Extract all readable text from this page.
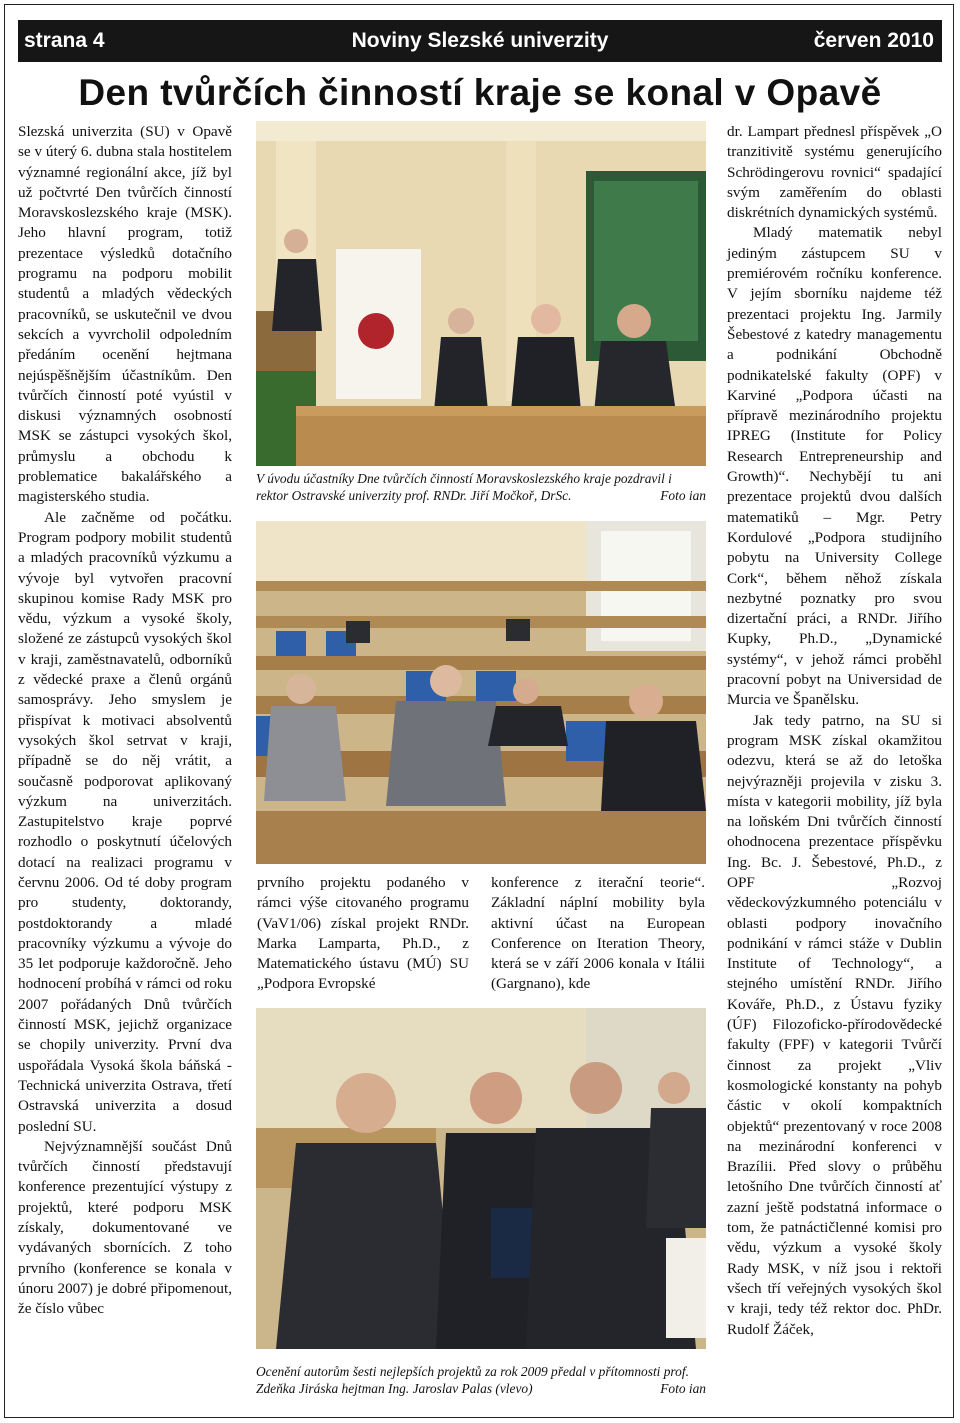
strana 4	Noviny Slezské univerzity	červen 2010
Den tvůrčích činností kraje se konal v Opavě

Slezská univerzita (SU) v Opavě se v úterý 6. dubna stala hostitelem významné regionální akce, jíž byl už počtvrté Den tvůrčích činností Moravskoslezského kraje (MSK). Jeho hlavní program, totiž prezentace výsledků dotačního programu na podporu mobilit studentů a mladých vědeckých pracovníků, se uskutečnil ve dvou sekcích a vyvrcholil odpoledním předáním ocenění hejtmana nejúspěšnějším účastníkům. Den tvůrčích činností poté vyústil v diskusi významných osobností MSK se zástupci vysokých škol, průmyslu a obchodu k problematice bakalářského a magisterského studia.

Ale začněme od počátku. Program podpory mobilit studentů a mladých pracovníků výzkumu a vývoje byl vytvořen pracovní skupinou komise Rady MSK pro vědu, výzkum a vysoké školy, složené ze zástupců vysokých škol v kraji, zaměstnavatelů, odborníků z vědecké praxe a členů orgánů samosprávy. Jeho smyslem je přispívat k motivaci absolventů vysokých škol setrvat v kraji, případně se do něj vrátit, a současně podporovat aplikovaný výzkum na univerzitách. Zastupitelstvo kraje poprvé rozhodlo o poskytnutí účelových dotací na realizaci programu v červnu 2006. Od té doby program pro studenty, doktorandy, postdoktorandy a mladé pracovníky výzkumu a vývoje do 35 let podporuje každoročně. Jeho hodnocení probíhá v rámci od roku 2007 pořádaných Dnů tvůrčích činností MSK, jejichž organizace se chopily univerzity. První dva uspořádala Vysoká škola báňská - Technická univerzita Ostrava, třetí Ostravská univerzita a dosud poslední SU.

Nejvýznamnější součást Dnů tvůrčích činností představují konference prezentující výstupy z projektů, které podporu MSK získaly, dokumentované ve vydávaných sbornících. Z toho prvního (konference se konala v únoru 2007) je dobré připomenout, že číslo vůbec

V úvodu účastníky Dne tvůrčích činností Moravskoslezského kraje pozdravil i rektor Ostravské univerzity prof. RNDr. Jiří Močkoř, DrSc.	Foto ian

prvního projektu podaného v rámci výše citovaného programu (VaV1/06) získal projekt RNDr. Marka Lamparta, Ph.D., z Matematického ústavu (MÚ) SU „Podpora Evropské

konference z iterační teorie“. Základní náplní mobility byla aktivní účast na European Conference on Iteration Theory, která se v září 2006 konala v Itálii (Gargnano), kde

Ocenění autorům šesti nejlepších projektů za rok 2009 předal v přítomnosti prof. Zdeňka Jiráska hejtman Ing. Jaroslav Palas (vlevo)	Foto ian

dr. Lampart přednesl příspěvek „O tranzitivitě systému generujícího Schrödingerovu rovnici“ spadající svým zaměřením do oblasti diskrétních dynamických systémů.

Mladý matematik nebyl jediným zástupcem SU v premiérovém ročníku konference. V jejím sborníku najdeme též prezentaci projektu Ing. Jarmily Šebestové z katedry managementu a podnikání Obchodně podnikatelské fakulty (OPF) v Karviné „Podpora účasti na přípravě mezinárodního projektu IPREG (Institute for Policy Research Entrepreneurship and Growth)“. Nechybějí tu ani prezentace projektů dvou dalších matematiků – Mgr. Petry Kordulové „Podpora studijního pobytu na University College Cork“, během něhož získala nezbytné poznatky pro svou dizertační práci, a RNDr. Jiřího Kupky, Ph.D., „Dynamické systémy“, v jehož rámci proběhl pracovní pobyt na Universidad de Murcia ve Španělsku.

Jak tedy patrno, na SU si program MSK získal okamžitou odezvu, která se až do letoška nejvýrazněji projevila v zisku 3. místa v kategorii mobility, jíž byla na loňském Dni tvůrčích činností ohodnocena prezentace příspěvku Ing. Bc. J. Šebestové, Ph.D., z OPF „Rozvoj vědeckovýzkumného potenciálu v oblasti podpory inovačního podnikání v rámci stáže v Dublin Institute of Technology“, a stejného umístění RNDr. Jiřího Kováře, Ph.D., z Ústavu fyziky (ÚF) Filozoficko-přírodovědecké fakulty (FPF) v kategorii Tvůrčí činnost za projekt „Vliv kosmologické konstanty na pohyb částic v okolí kompaktních objektů“ prezentovaný v roce 2008 na mezinárodní konferenci v Brazílii. Před slovy o průběhu letošního Dne tvůrčích činností ať zazní ještě podstatná informace o tom, že patnáctičlenné komisi pro vědu, výzkum a vysoké školy Rady MSK, v níž jsou i rektoři všech tří veřejných vysokých škol v kraji, tedy též rektor doc. PhDr. Rudolf Žáček,
